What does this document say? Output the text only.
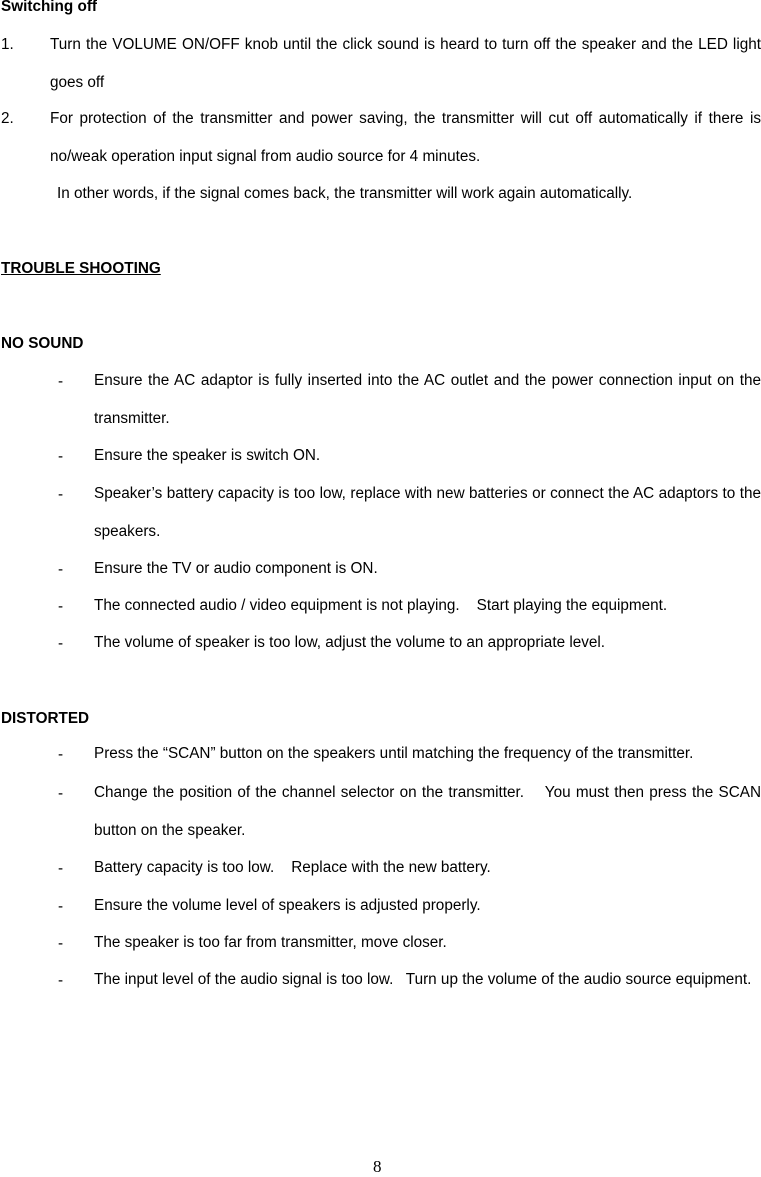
Switching off
1. Turn the VOLUME ON/OFF knob until the click sound is heard to turn off the speaker and the LED light goes off
2. For protection of the transmitter and power saving, the transmitter will cut off automatically if there is no/weak operation input signal from audio source for 4 minutes.
In other words, if the signal comes back, the transmitter will work again automatically.
TROUBLE SHOOTING
NO SOUND
- Ensure the AC adaptor is fully inserted into the AC outlet and the power connection input on the transmitter.
- Ensure the speaker is switch ON.
- Speaker’s battery capacity is too low, replace with new batteries or connect the AC adaptors to the speakers.
- Ensure the TV or audio component is ON.
- The connected audio / video equipment is not playing.    Start playing the equipment.
- The volume of speaker is too low, adjust the volume to an appropriate level.
DISTORTED
- Press the “SCAN” button on the speakers until matching the frequency of the transmitter.
- Change the position of the channel selector on the transmitter.    You must then press the SCAN button on the speaker.
- Battery capacity is too low.    Replace with the new battery.
- Ensure the volume level of speakers is adjusted properly.
- The speaker is too far from transmitter, move closer.
- The input level of the audio signal is too low.   Turn up the volume of the audio source equipment.
8
